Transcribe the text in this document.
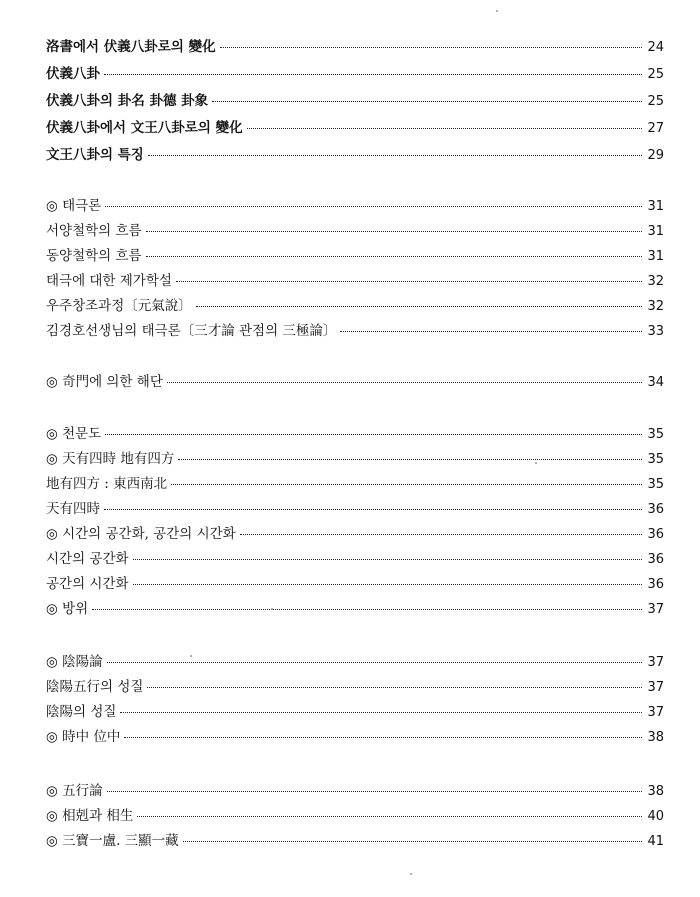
洛書에서 伏義八卦로의 變化	24
伏義八卦	25
伏義八卦의 卦名 卦德 卦象	25
伏義八卦에서 文王八卦로의 變化	27
文王八卦의 특징	29
◎ 태극론	31
서양철학의 흐름	31
동양철학의 흐름	31
태극에 대한 제가학설	32
우주창조과정〔元氣說〕	32
김경호선생님의 태극론〔三才論 관점의 三極論〕	33
◎ 奇門에 의한 해단	34
◎ 천문도	35
◎ 天有四時 地有四方	35
地有四方 : 東西南北	35
天有四時	36
◎ 시간의 공간화, 공간의 시간화	36
시간의 공간화	36
공간의 시간화	36
◎ 방위	37
◎ 陰陽論	37
陰陽五行의 성질	37
陰陽의 성질	37
◎ 時中 位中	38
◎ 五行論	38
◎ 相剋과 相生	40
◎ 三寶一盧. 三顯一藏	41
